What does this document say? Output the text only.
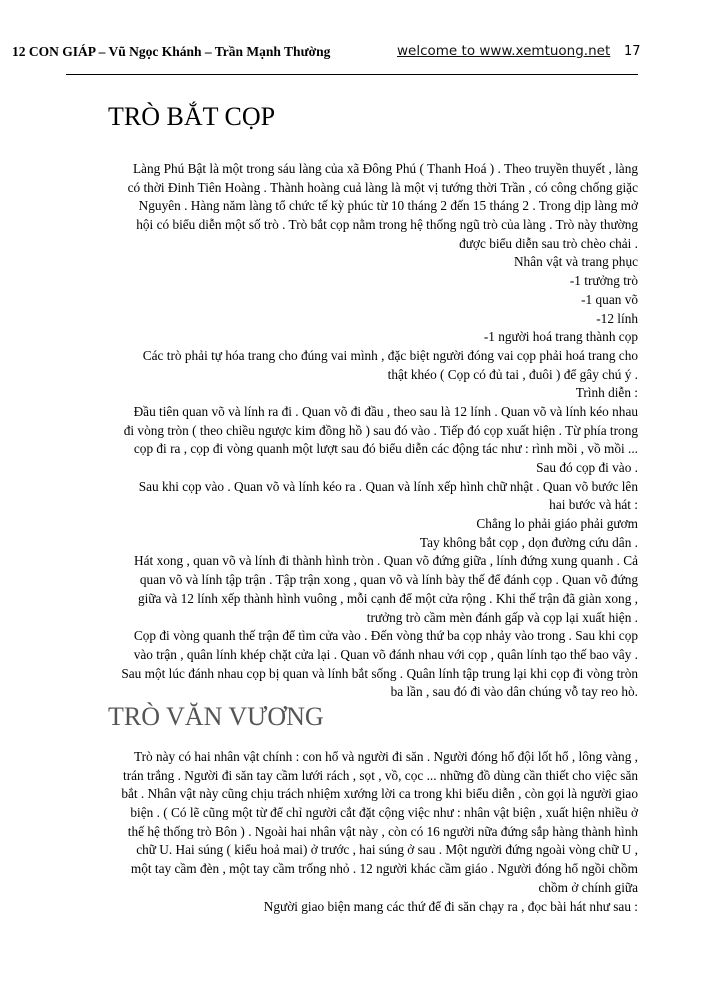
12 CON GIÁP – Vũ Ngọc Khánh – Trần Mạnh Thường	welcome to www.xemtuong.net 17
TRÒ BẮT CỌP
Làng Phú Bật là một trong sáu làng của xã Đông Phú ( Thanh Hoá ) . Theo truyền thuyết , làng
có thời Đinh Tiên Hoàng . Thành hoàng cuả làng là một vị tướng thời Trần , có công chống giặc
Nguyên . Hàng năm làng tổ chức tế kỳ phúc từ 10 tháng 2 đến 15 tháng 2 . Trong dịp làng mở
hội có biểu diễn một số trò . Trò bắt cọp nằm trong hệ thống ngũ trò của làng . Trò này thường
được biểu diễn sau trò chèo chải .
Nhân vật và trang phục
-1 trưởng trò
-1 quan võ
-12 lính
-1 người hoá trang thành cọp
Các trò phải tự hóa trang cho đúng vai mình , đặc biệt người đóng vai cọp phải hoá trang cho
thật khéo ( Cọp có đủ tai , đuôi ) để gây chú ý .
Trình diễn :
Đầu tiên quan võ và lính ra đi . Quan võ đi đầu , theo sau là 12 lính . Quan võ và lính kéo nhau
đi vòng tròn ( theo chiều ngược kim đồng hồ ) sau đó vào . Tiếp đó cọp xuất hiện . Từ phía trong
cọp đi ra , cọp đi vòng quanh một lượt sau đó biểu diễn các động tác như : rình mồi , vồ mồi ...
Sau đó cọp đi vào .
Sau khi cọp vào . Quan võ và lính kéo ra . Quan và lính xếp hình chữ nhật . Quan võ bước lên
hai bước và hát :
Chẳng lo phải giáo phải gươm
Tay không bắt cọp , dọn đường cứu dân .
Hát xong , quan võ và lính đi thành hình tròn . Quan võ đứng giữa , lính đứng xung quanh . Cả
quan võ và lính tập trận . Tập trận xong , quan võ và lính bày thế để đánh cọp . Quan võ đứng
giữa và 12 lính xếp thành hình vuông , mỗi cạnh để một cửa rộng . Khi thế trận đã giàn xong ,
trưởng trò cầm mèn đánh gấp và cọp lại xuất hiện .
Cọp đi vòng quanh thế trận để tìm cửa vào . Đến vòng thứ ba cọp nhảy vào trong . Sau khi cọp
vào trận , quân lính khép chặt cửa lại . Quan võ đánh nhau với cọp , quân lính tạo thế bao vây .
Sau một lúc đánh nhau cọp bị quan và lính bắt sống . Quân lính tập trung lại khi cọp đi vòng tròn
ba lần , sau đó đi vào dân chúng vỗ tay reo hò.
TRÒ VĂN VƯƠNG
Trò này có hai nhân vật chính : con hổ và người đi săn . Người đóng hổ đội lốt hổ , lông vàng ,
trán trắng . Người đi săn tay cầm lưới rách , sọt , vồ, cọc ... những đồ dùng cần thiết cho việc săn
bắt . Nhân vật này cũng chịu trách nhiệm xướng lời ca trong khi biểu diễn , còn gọi là người giao
biện . ( Có lẽ cũng một từ để chỉ người cắt đặt cộng việc như : nhân vật biện , xuất hiện nhiều ở
thế hệ thống trò Bôn ) . Ngoài hai nhân vật này , còn có 16 người nữa đứng sắp hàng thành hình
chữ U. Hai súng ( kiểu hoả mai) ở trước , hai súng ở sau . Một người đứng ngoài vòng chữ U ,
một tay cầm đèn , một tay cầm trống nhỏ . 12 người khác cầm giáo . Người đóng hổ ngồi chồm
chồm ở chính giữa
Người giao biện mang các thứ để đi săn chạy ra , đọc bài hát như sau :
